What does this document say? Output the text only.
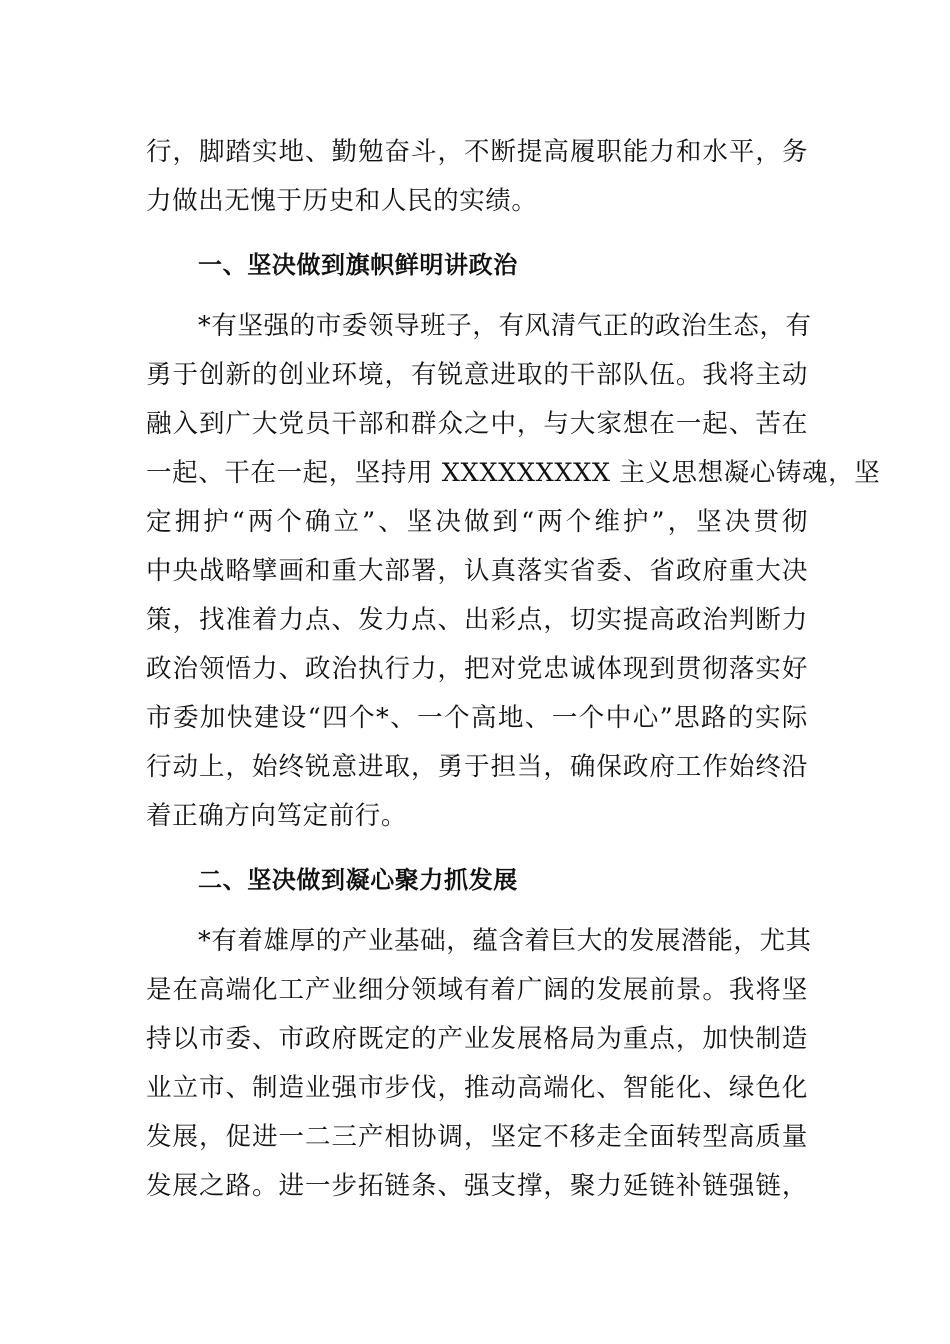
行，脚踏实地、勤勉奋斗，不断提高履职能力和水平，务
力做出无愧于历史和人民的实绩。
一、坚决做到旗帜鲜明讲政治
*有坚强的市委领导班子，有风清气正的政治生态，有
勇于创新的创业环境，有锐意进取的干部队伍。我将主动
融入到广大党员干部和群众之中，与大家想在一起、苦在
一起、干在一起，坚持用 XXXXXXXXX 主义思想凝心铸魂，坚
定拥护“两个确立”、坚决做到“两个维护”，坚决贯彻
中央战略擘画和重大部署，认真落实省委、省政府重大决
策，找准着力点、发力点、出彩点，切实提高政治判断力
政治领悟力、政治执行力，把对党忠诚体现到贯彻落实好
市委加快建设“四个*、一个高地、一个中心”思路的实际
行动上，始终锐意进取，勇于担当，确保政府工作始终沿
着正确方向笃定前行。
二、坚决做到凝心聚力抓发展
*有着雄厚的产业基础，蕴含着巨大的发展潜能，尤其
是在高端化工产业细分领域有着广阔的发展前景。我将坚
持以市委、市政府既定的产业发展格局为重点，加快制造
业立市、制造业强市步伐，推动高端化、智能化、绿色化
发展，促进一二三产相协调，坚定不移走全面转型高质量
发展之路。进一步拓链条、强支撑，聚力延链补链强链，
